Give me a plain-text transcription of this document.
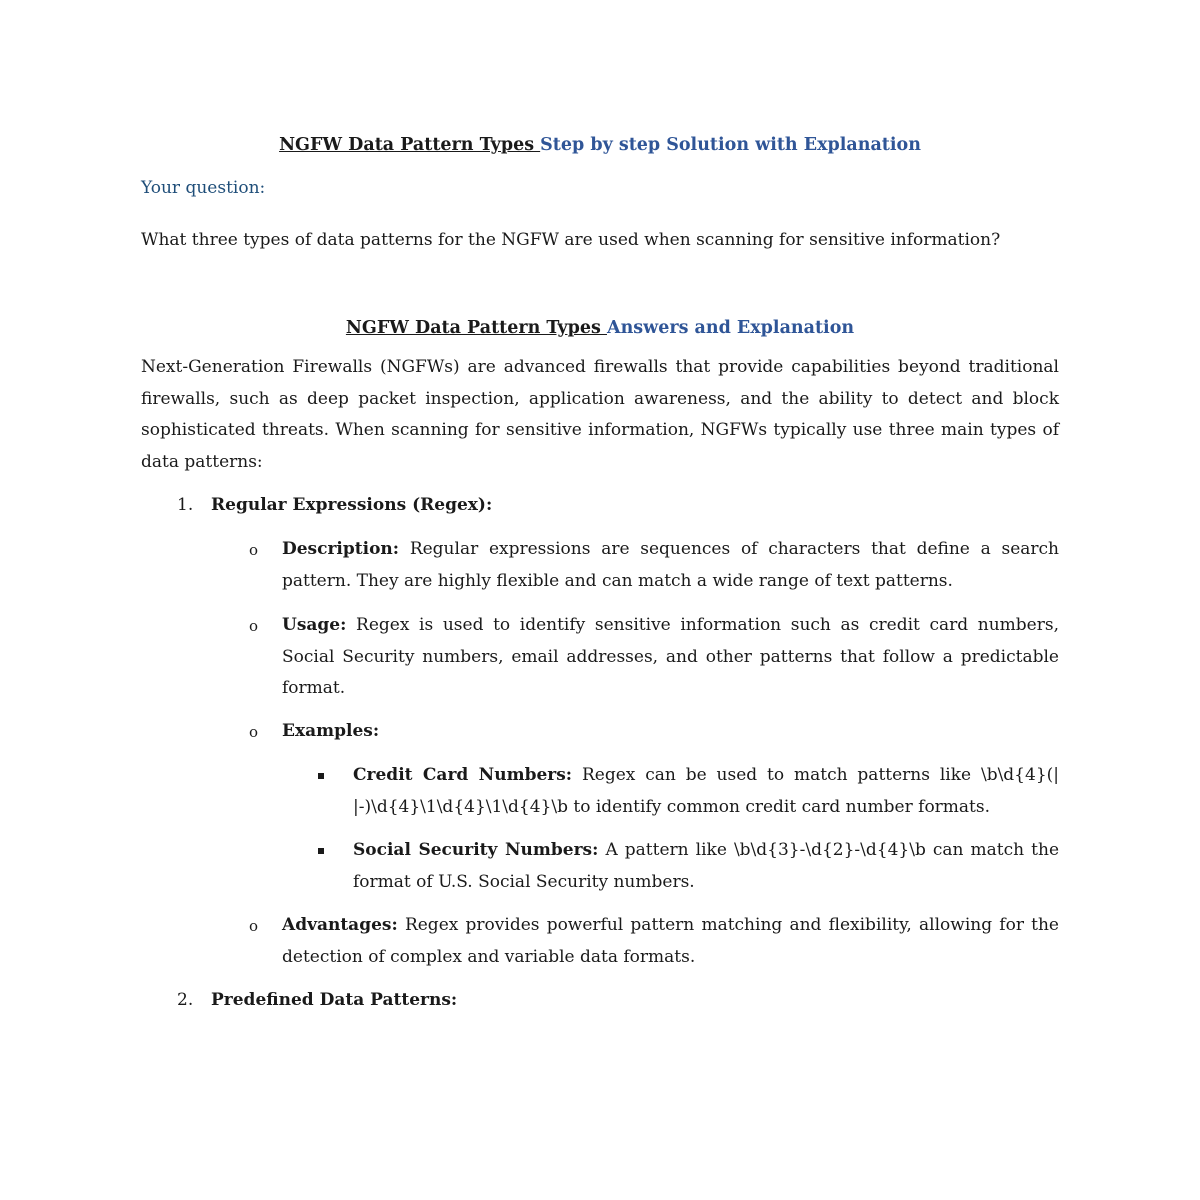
NGFW Data Pattern Types Step by step Solution with Explanation
Your question:
What three types of data patterns for the NGFW are used when scanning for sensitive information?
NGFW Data Pattern Types Answers and Explanation
Next-Generation Firewalls (NGFWs) are advanced firewalls that provide capabilities beyond traditional firewalls, such as deep packet inspection, application awareness, and the ability to detect and block sophisticated threats. When scanning for sensitive information, NGFWs typically use three main types of data patterns:
1. Regular Expressions (Regex):
o Description: Regular expressions are sequences of characters that define a search pattern. They are highly flexible and can match a wide range of text patterns.
o Usage: Regex is used to identify sensitive information such as credit card numbers, Social Security numbers, email addresses, and other patterns that follow a predictable format.
o Examples:
Credit Card Numbers: Regex can be used to match patterns like \b\d{4}(| |-)\d{4}\1\d{4}\1\d{4}\b to identify common credit card number formats.
Social Security Numbers: A pattern like \b\d{3}-\d{2}-\d{4}\b can match the format of U.S. Social Security numbers.
o Advantages: Regex provides powerful pattern matching and flexibility, allowing for the detection of complex and variable data formats.
2. Predefined Data Patterns:
